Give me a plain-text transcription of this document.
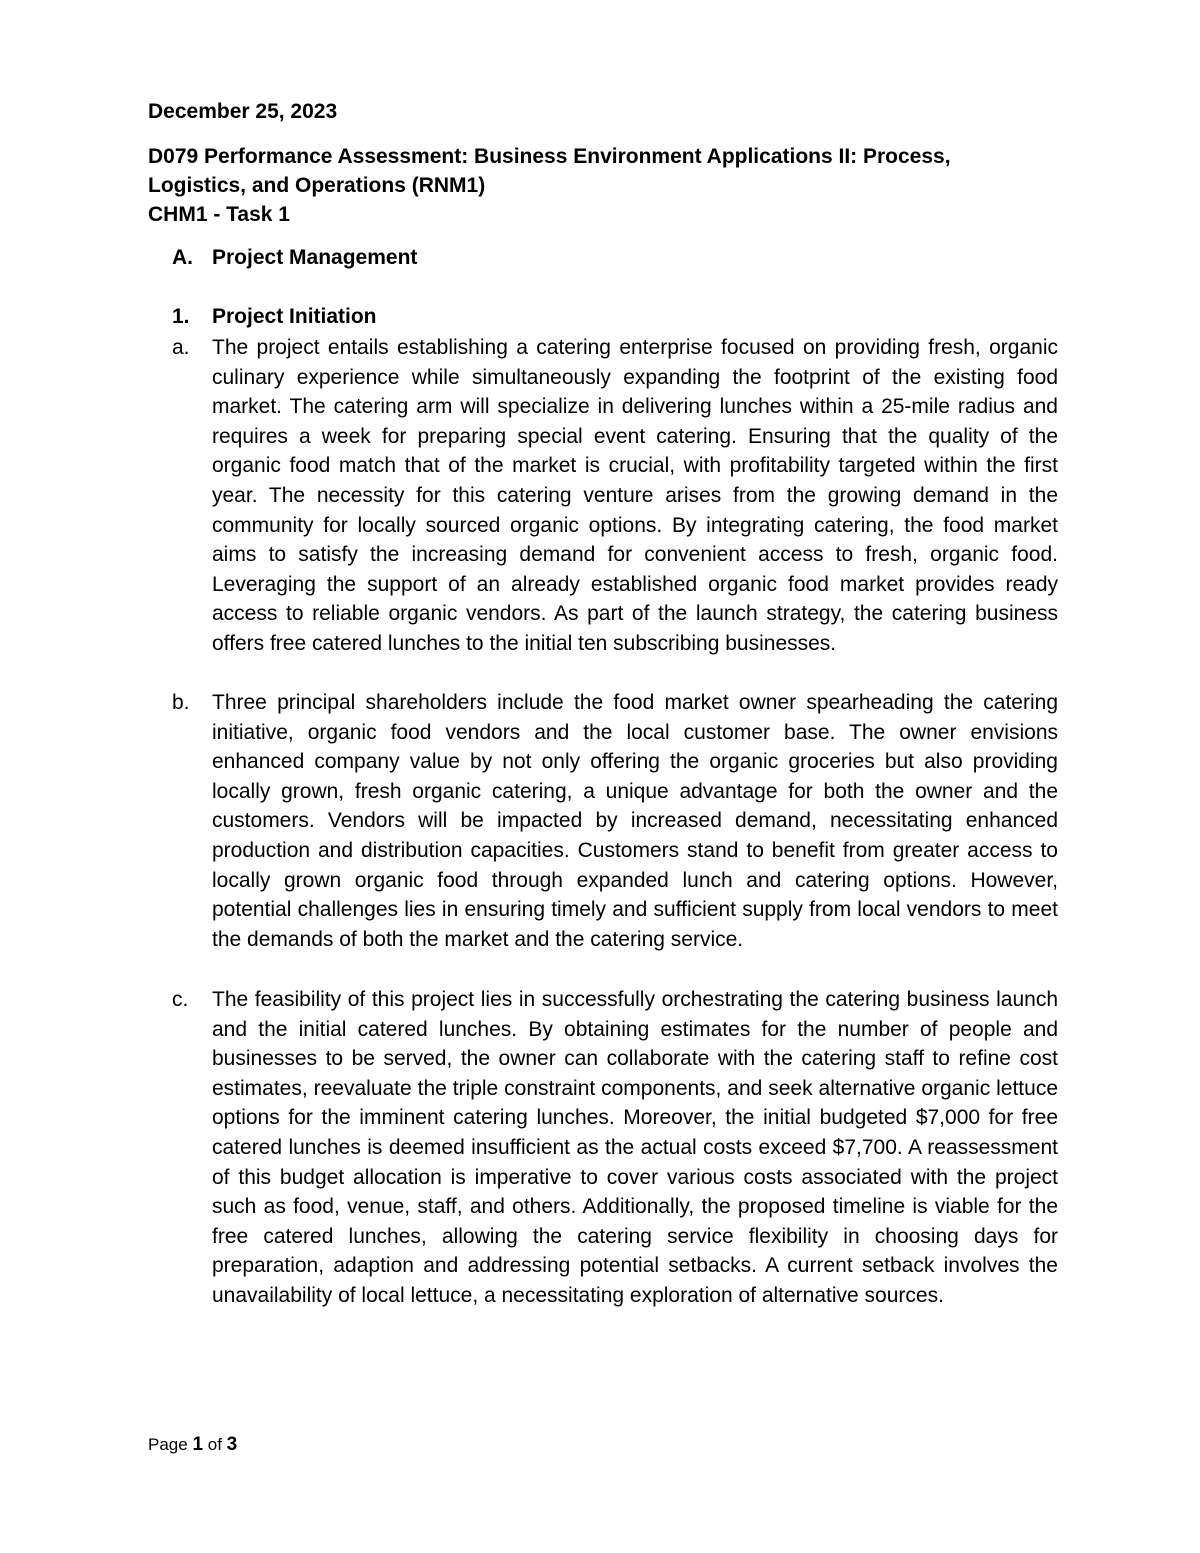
December 25, 2023
D079 Performance Assessment: Business Environment Applications II: Process,
Logistics, and Operations (RNM1)
CHM1 - Task 1
A. Project Management
1. Project Initiation
a.	The project entails establishing a catering enterprise focused on providing fresh, organic culinary experience while simultaneously expanding the footprint of the existing food market. The catering arm will specialize in delivering lunches within a 25-mile radius and requires a week for preparing special event catering. Ensuring that the quality of the organic food match that of the market is crucial, with profitability targeted within the first year. The necessity for this catering venture arises from the growing demand in the community for locally sourced organic options. By integrating catering, the food market aims to satisfy the increasing demand for convenient access to fresh, organic food. Leveraging the support of an already established organic food market provides ready access to reliable organic vendors. As part of the launch strategy, the catering business offers free catered lunches to the initial ten subscribing businesses.
b.	Three principal shareholders include the food market owner spearheading the catering initiative, organic food vendors and the local customer base. The owner envisions enhanced company value by not only offering the organic groceries but also providing locally grown, fresh organic catering, a unique advantage for both the owner and the customers. Vendors will be impacted by increased demand, necessitating enhanced production and distribution capacities. Customers stand to benefit from greater access to locally grown organic food through expanded lunch and catering options. However, potential challenges lies in ensuring timely and sufficient supply from local vendors to meet the demands of both the market and the catering service.
c.	The feasibility of this project lies in successfully orchestrating the catering business launch and the initial catered lunches. By obtaining estimates for the number of people and businesses to be served, the owner can collaborate with the catering staff to refine cost estimates, reevaluate the triple constraint components, and seek alternative organic lettuce options for the imminent catering lunches. Moreover, the initial budgeted $7,000 for free catered lunches is deemed insufficient as the actual costs exceed $7,700. A reassessment of this budget allocation is imperative to cover various costs associated with the project such as food, venue, staff, and others. Additionally, the proposed timeline is viable for the free catered lunches, allowing the catering service flexibility in choosing days for preparation, adaption and addressing potential setbacks. A current setback involves the unavailability of local lettuce, a necessitating exploration of alternative sources.
Page 1 of 3
